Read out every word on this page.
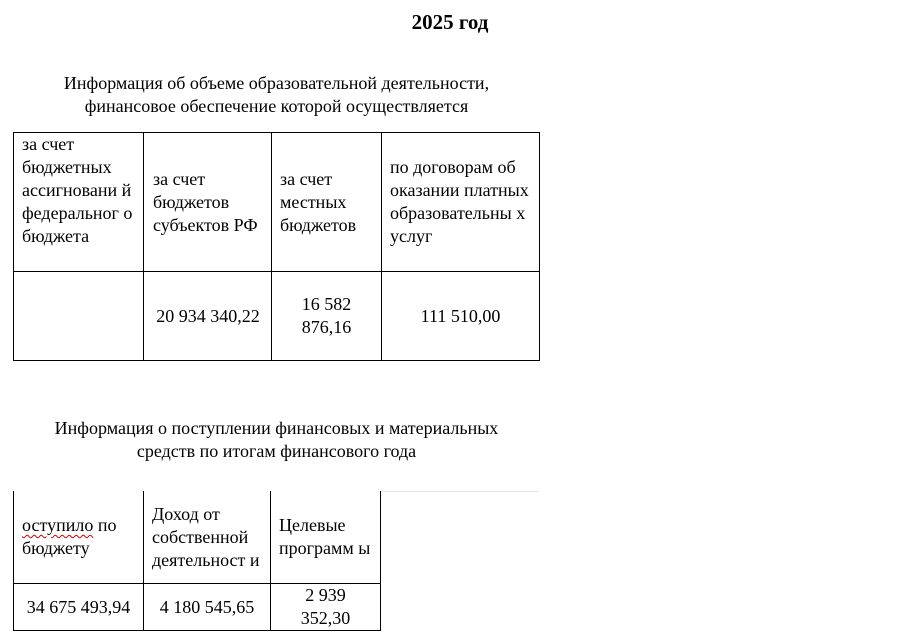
2025 год
Информация об объеме образовательной деятельности,
финансовое обеспечение которой осуществляется
за счет бюджетных ассигновани й федеральног о бюджета	за счет бюджетов субъектов РФ	за счет местных бюджетов	по договорам об оказании платных образовательны х услуг
	20 934 340,22	16 582 876,16	111 510,00
Информация о поступлении финансовых и материальных
средств по итогам финансового года
оступило по бюджету	Доход от собственной деятельност и	Целевые программ ы
34 675 493,94	4 180 545,65	2 939 352,30
